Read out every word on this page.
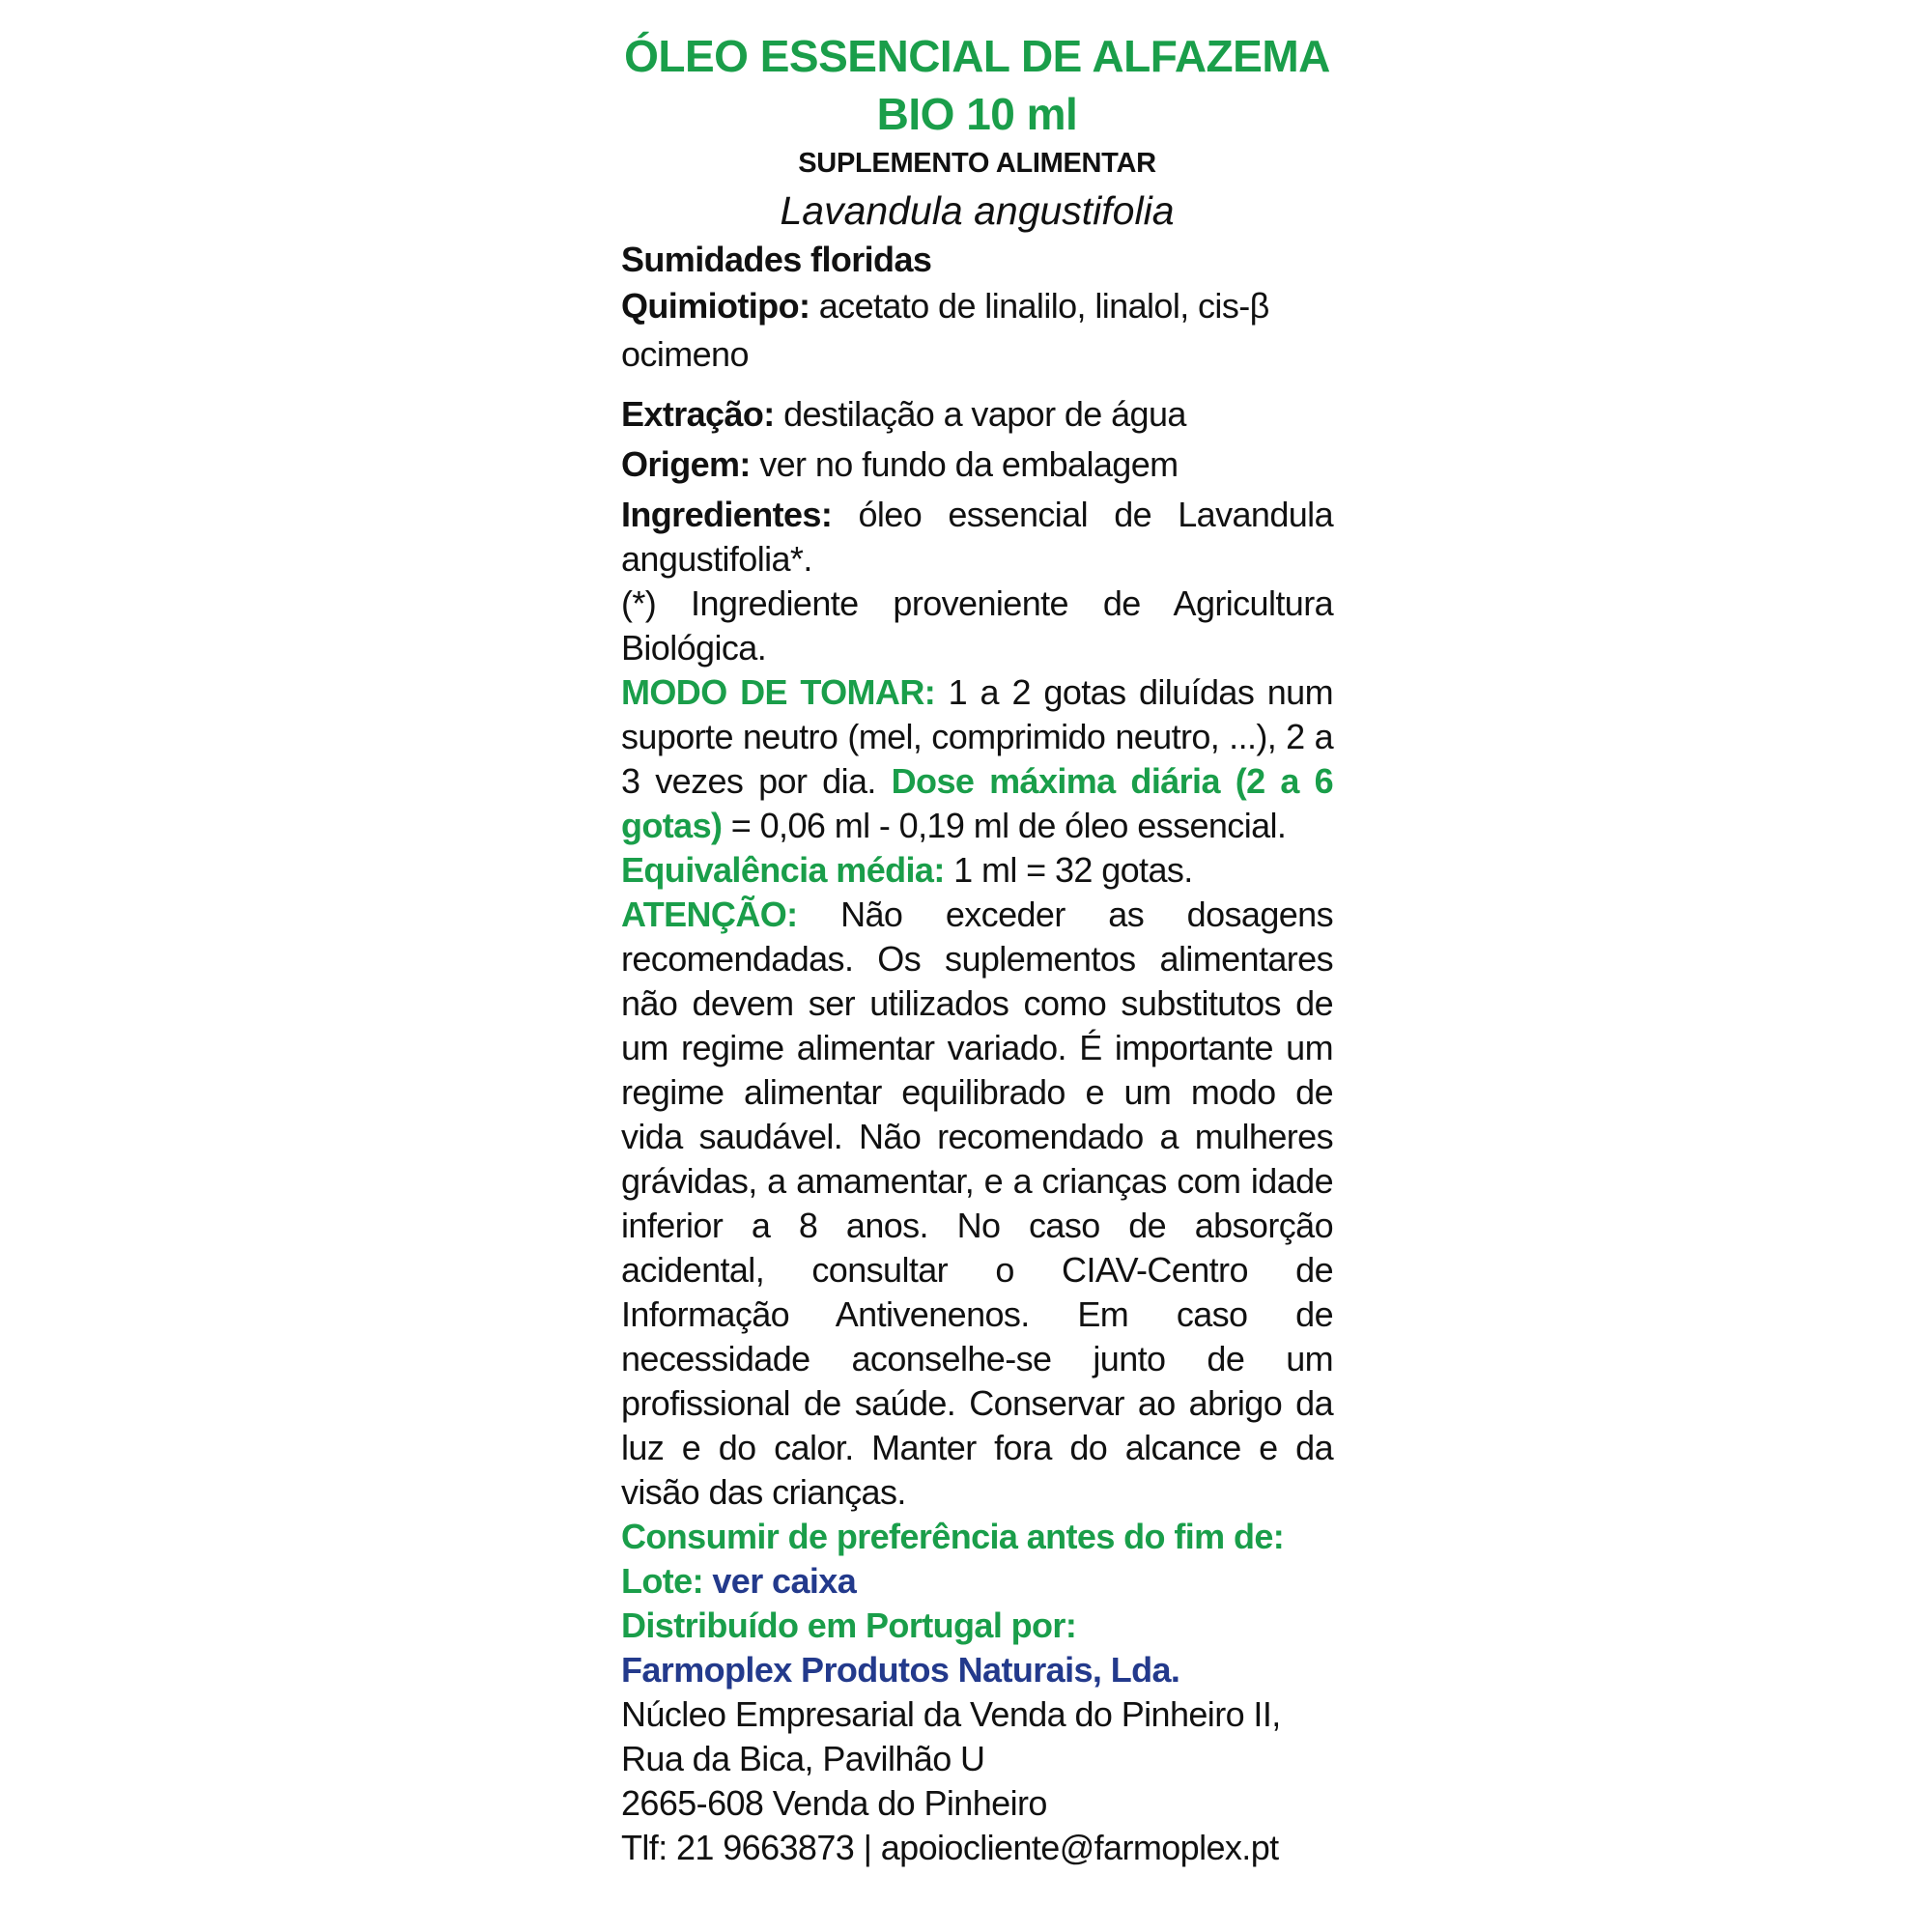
ÓLEO ESSENCIAL DE ALFAZEMA
BIO 10 ml

SUPLEMENTO ALIMENTAR

Lavandula angustifolia

Sumidades floridas

Quimiotipo: acetato de linalilo, linalol, cis-β ocimeno

Extração: destilação a vapor de água

Origem: ver no fundo da embalagem

Ingredientes: óleo essencial de Lavandula angustifolia*.

(*) Ingrediente proveniente de Agricultura Biológica.

MODO DE TOMAR: 1 a 2 gotas diluídas num suporte neutro (mel, comprimido neutro, ...), 2 a 3 vezes por dia. Dose máxima diária (2 a 6 gotas) = 0,06 ml - 0,19 ml de óleo essencial.
Equivalência média: 1 ml = 32 gotas.

ATENÇÃO: Não exceder as dosagens recomendadas. Os suplementos alimentares não devem ser utilizados como substitutos de um regime alimentar variado. É importante um regime alimentar equilibrado e um modo de vida saudável. Não recomendado a mulheres grávidas, a amamentar, e a crianças com idade inferior a 8 anos. No caso de absorção acidental, consultar o CIAV-Centro de Informação Antivenenos. Em caso de necessidade aconselhe-se junto de um profissional de saúde. Conservar ao abrigo da luz e do calor. Manter fora do alcance e da visão das crianças.

Consumir de preferência antes do fim de:

Lote: ver caixa

Distribuído em Portugal por:

Farmoplex Produtos Naturais, Lda.

Núcleo Empresarial da Venda do Pinheiro II,
Rua da Bica, Pavilhão U
2665-608 Venda do Pinheiro
Tlf: 21 9663873 | apoiocliente@farmoplex.pt
